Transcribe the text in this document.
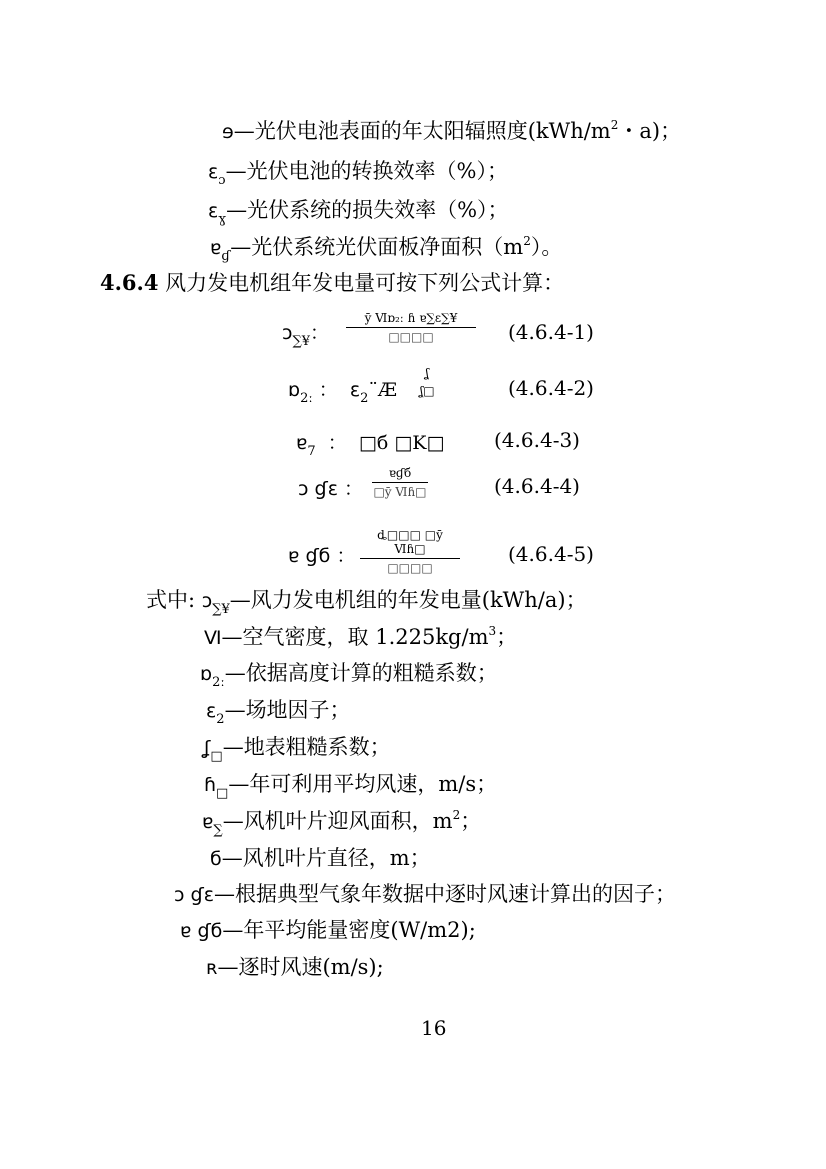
ɘ—光伏电池表面的年太阳辐照度($kWh/m^2$・a)；
$\varepsilon_ɔ—$光伏电池的转换效率（%）；
$\varepsilon_ɣ—$光伏系统的损失效率（%）；
ɐ$_ɠ$—光伏系统光伏面板净面积$(m^2)$。
4.6.4 风力发电机组年发电量可按下列公式计算：
ɔ$_{\sum¥}$：
ȳ Ⅵɒ₂ː ɦ ɐ∑ε∑¥
□□□□	(4.6.4-1)
ɒ$_{2ː}$ ： $\varepsilon_2¨Æ$
ʆ
ʆ□	(4.6.4-2)
ɐ$_7$ ： □б □K□ (4.6.4-3)
ɔ ɠɛ ：
ɐɠб
□ȳ Ⅵɦ□	(4.6.4-4)
ɐ ɠб ：
ȡ□□□ □ȳ Ⅵɦ□
□□□□
(4.6.4-5)
式中: ɔ$_{\sum¥}$—风力发电机组的年发电量(kWh/a)；
Ⅵ—空气密度，取 $1.225kg/m^3$；
ɒ$_{2ː}$—依据高度计算的粗糙系数；
$\varepsilon_2—$场地因子；
ʆ$_□$—地表粗糙系数；
ɦ$_□$—年可利用平均风速，m/s；
ɐ$_\sum$—风机叶片迎风面积，$m^2$；
б—风机叶片直径，m；
ɔ ɠɛ—根据典型气象年数据中逐时风速计算出的因子；
ɐ ɠб—年平均能量密度(W/m2);
ʀ—逐时风速(m/s);
16
